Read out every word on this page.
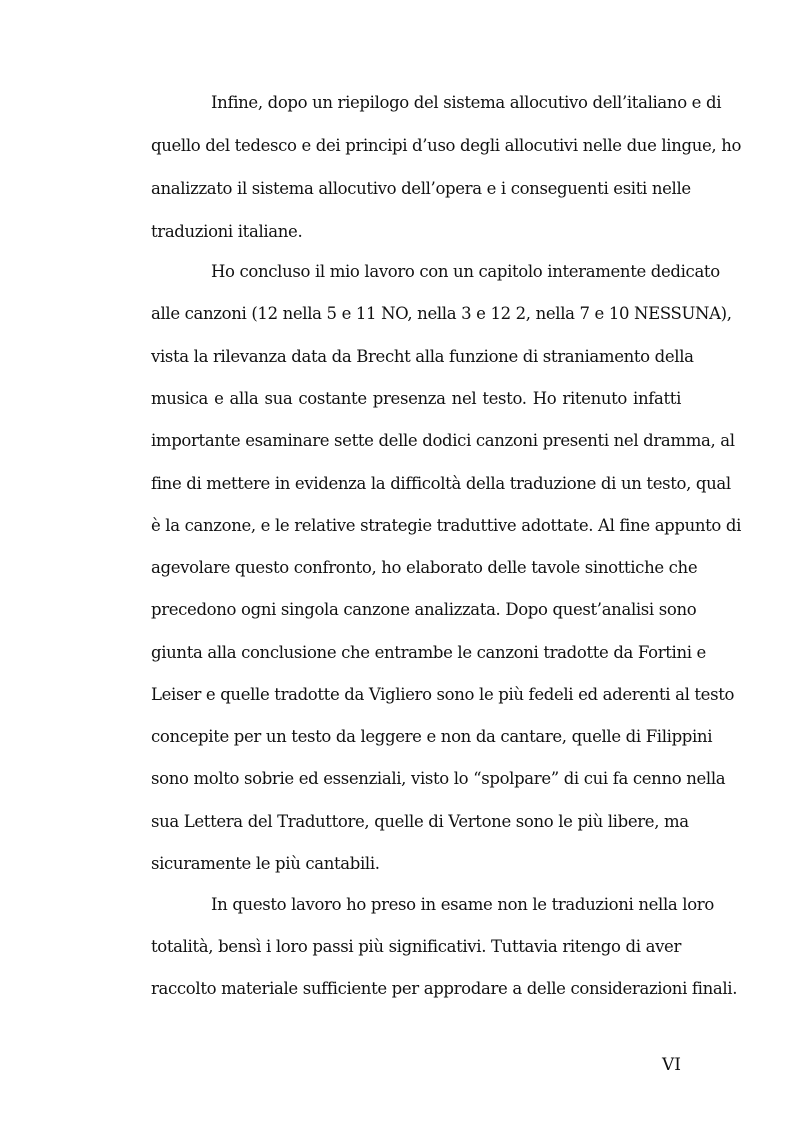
Infine, dopo un riepilogo del sistema allocutivo dell’italiano e di
quello del tedesco e dei principi d’uso degli allocutivi nelle due lingue, ho
analizzato il sistema allocutivo dell’opera e i conseguenti esiti nelle
traduzioni italiane.
Ho concluso il mio lavoro con un capitolo interamente dedicato
alle canzoni (12 nella 5 e 11 NO, nella 3 e 12 2, nella 7 e 10 NESSUNA),
vista la rilevanza data da Brecht alla funzione di straniamento della
musica e alla sua costante presenza nel testo. Ho ritenuto infatti
importante esaminare sette delle dodici canzoni presenti nel dramma, al
fine di mettere in evidenza la difficoltà della traduzione di un testo, qual
è la canzone, e le relative strategie traduttive adottate. Al fine appunto di
agevolare questo confronto, ho elaborato delle tavole sinottiche che
precedono ogni singola canzone analizzata. Dopo quest’analisi sono
giunta alla conclusione che entrambe le canzoni tradotte da Fortini e
Leiser e quelle tradotte da Vigliero sono le più fedeli ed aderenti al testo
concepite per un testo da leggere e non da cantare, quelle di Filippini
sono molto sobrie ed essenziali, visto lo “spolpare” di cui fa cenno nella
sua Lettera del Traduttore, quelle di Vertone sono le più libere, ma
sicuramente le più cantabili.
In questo lavoro ho preso in esame non le traduzioni nella loro
totalità, bensì i loro passi più significativi. Tuttavia ritengo di aver
raccolto materiale sufficiente per approdare a delle considerazioni finali.
VI
